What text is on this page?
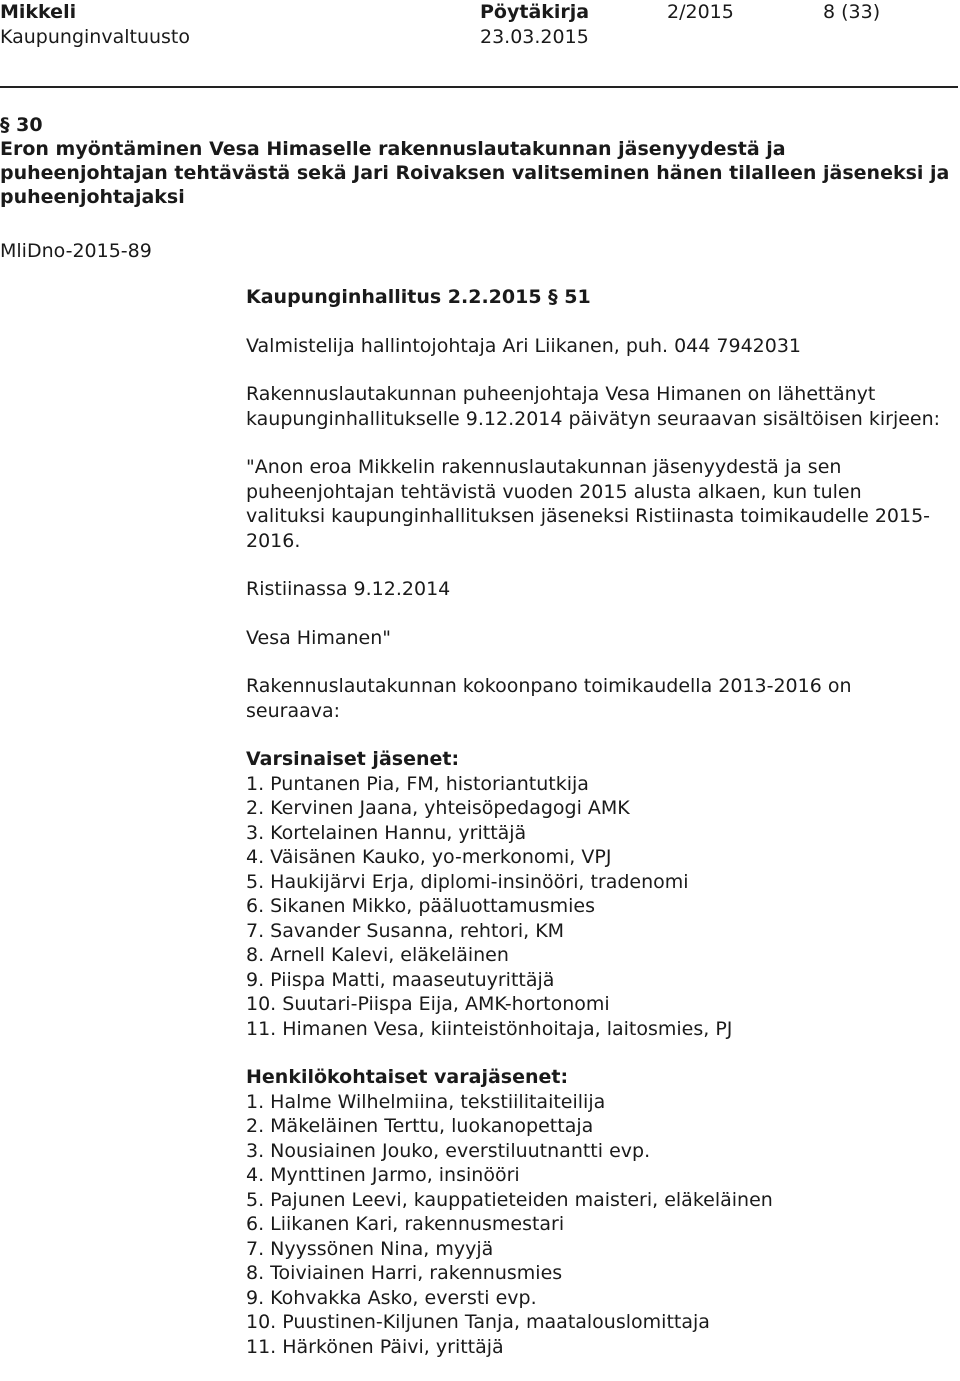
Mikkeli	Pöytäkirja	2/2015	8 (33)
Kaupunginvaltuusto	23.03.2015
§ 30
Eron myöntäminen Vesa Himaselle rakennuslautakunnan jäsenyydestä ja puheenjohtajan tehtävästä sekä Jari Roivaksen valitseminen hänen tilalleen jäseneksi ja puheenjohtajaksi
MliDno-2015-89

Kaupunginhallitus 2.2.2015 § 51

Valmistelija hallintojohtaja Ari Liikanen, puh. 044 7942031

Rakennuslautakunnan puheenjohtaja Vesa Himanen on lähettänyt kaupunginhallitukselle 9.12.2014 päivätyn seuraavan sisältöisen kirjeen:

"Anon eroa Mikkelin rakennuslautakunnan jäsenyydestä ja sen puheenjohtajan tehtävistä vuoden 2015 alusta alkaen, kun tulen valituksi kaupunginhallituksen jäseneksi Ristiinasta toimikaudelle 2015-2016.

Ristiinassa 9.12.2014

Vesa Himanen"

Rakennuslautakunnan kokoonpano toimikaudella 2013-2016 on seuraava:

Varsinaiset jäsenet:

1. Puntanen Pia, FM, historiantutkija
2. Kervinen Jaana, yhteisöpedagogi AMK
3. Kortelainen Hannu, yrittäjä
4. Väisänen Kauko, yo-merkonomi, VPJ
5. Haukijärvi Erja, diplomi-insinööri, tradenomi
6. Sikanen Mikko, pääluottamusmies
7. Savander Susanna, rehtori, KM
8. Arnell Kalevi, eläkeläinen
9. Piispa Matti, maaseutuyrittäjä
10. Suutari-Piispa Eija, AMK-hortonomi
11. Himanen Vesa, kiinteistönhoitaja, laitosmies, PJ

Henkilökohtaiset varajäsenet:

1. Halme Wilhelmiina, tekstiilitaiteilija
2. Mäkeläinen Terttu, luokanopettaja
3. Nousiainen Jouko, everstiluutnantti evp.
4. Mynttinen Jarmo, insinööri
5. Pajunen Leevi, kauppatieteiden maisteri, eläkeläinen
6. Liikanen Kari, rakennusmestari
7. Nyyssönen Nina, myyjä
8. Toiviainen Harri, rakennusmies
9. Kohvakka Asko, eversti evp.
10. Puustinen-Kiljunen Tanja, maatalouslomittaja
11. Härkönen Päivi, yrittäjä
